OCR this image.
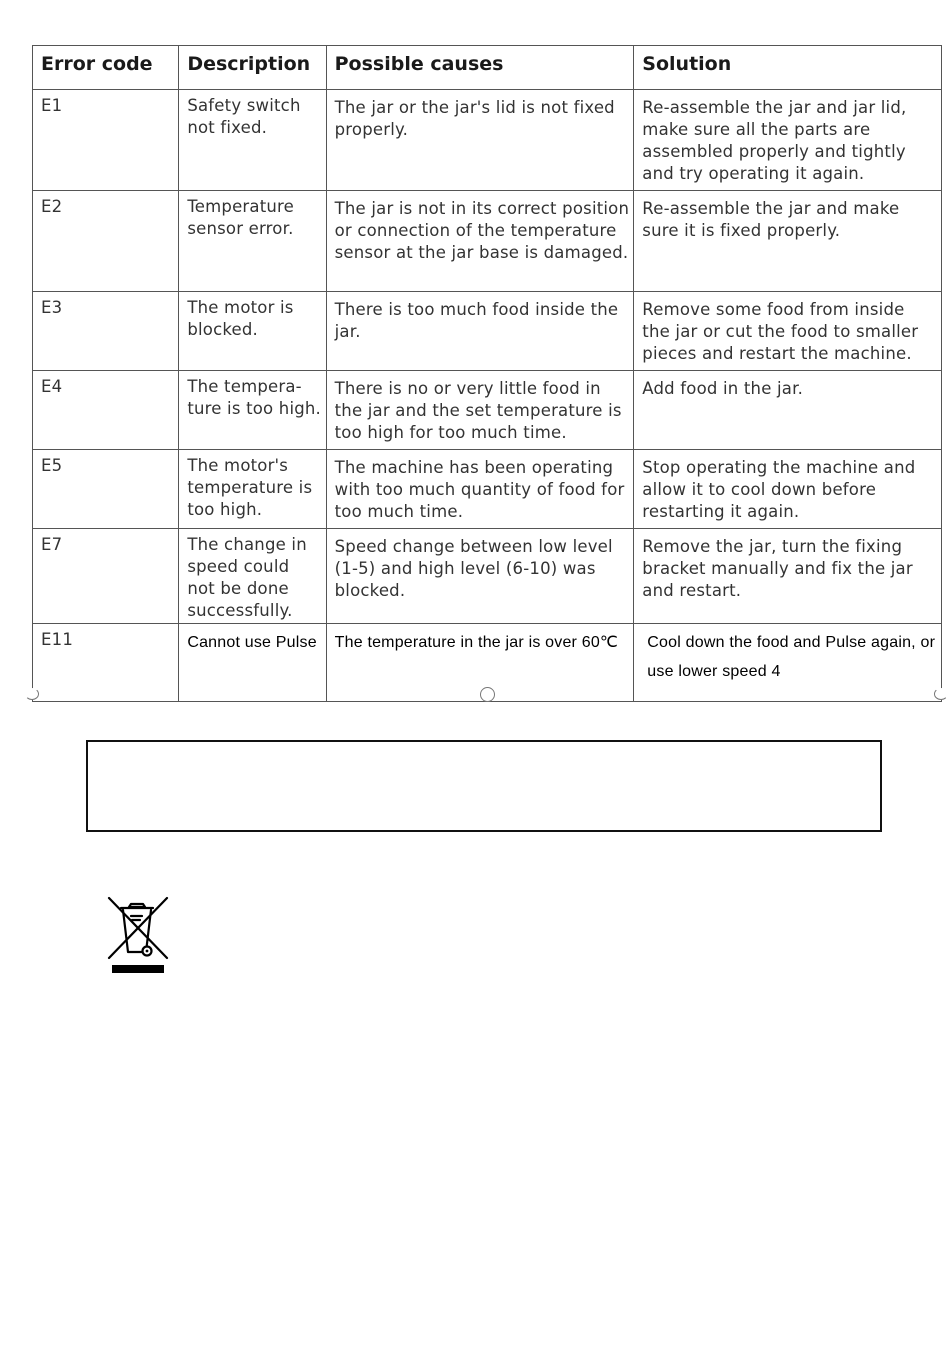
Error code	Description	Possible causes	Solution
E1	Safety switch not fixed.	The jar or the jar's lid is not fixed properly.	Re-assemble the jar and jar lid, make sure all the parts are assembled properly and tightly and try operating it again.
E2	Temperature sensor error.	The jar is not in its correct position or connection of the temperature sensor at the jar base is damaged.	Re-assemble the jar and make sure it is fixed properly.
E3	The motor is blocked.	There is too much food inside the jar.	Remove some food from inside the jar or cut the food to smaller pieces and restart the machine.
E4	The tempera-ture is too high.	There is no or very little food in the jar and the set temperature is too high for too much time.	Add food in the jar.
E5	The motor's temperature is too high.	The machine has been operating with too much quantity of food for too much time.	Stop operating the machine and allow it to cool down before restarting it again.
E7	The change in speed could not be done successfully.	Speed change between low level (1-5) and high level (6-10) was blocked.	Remove the jar, turn the fixing bracket manually and fix the jar and restart.
E11	Cannot use Pulse	The temperature in the jar is over 60℃	Cool down the food and Pulse again, or use lower speed 4
